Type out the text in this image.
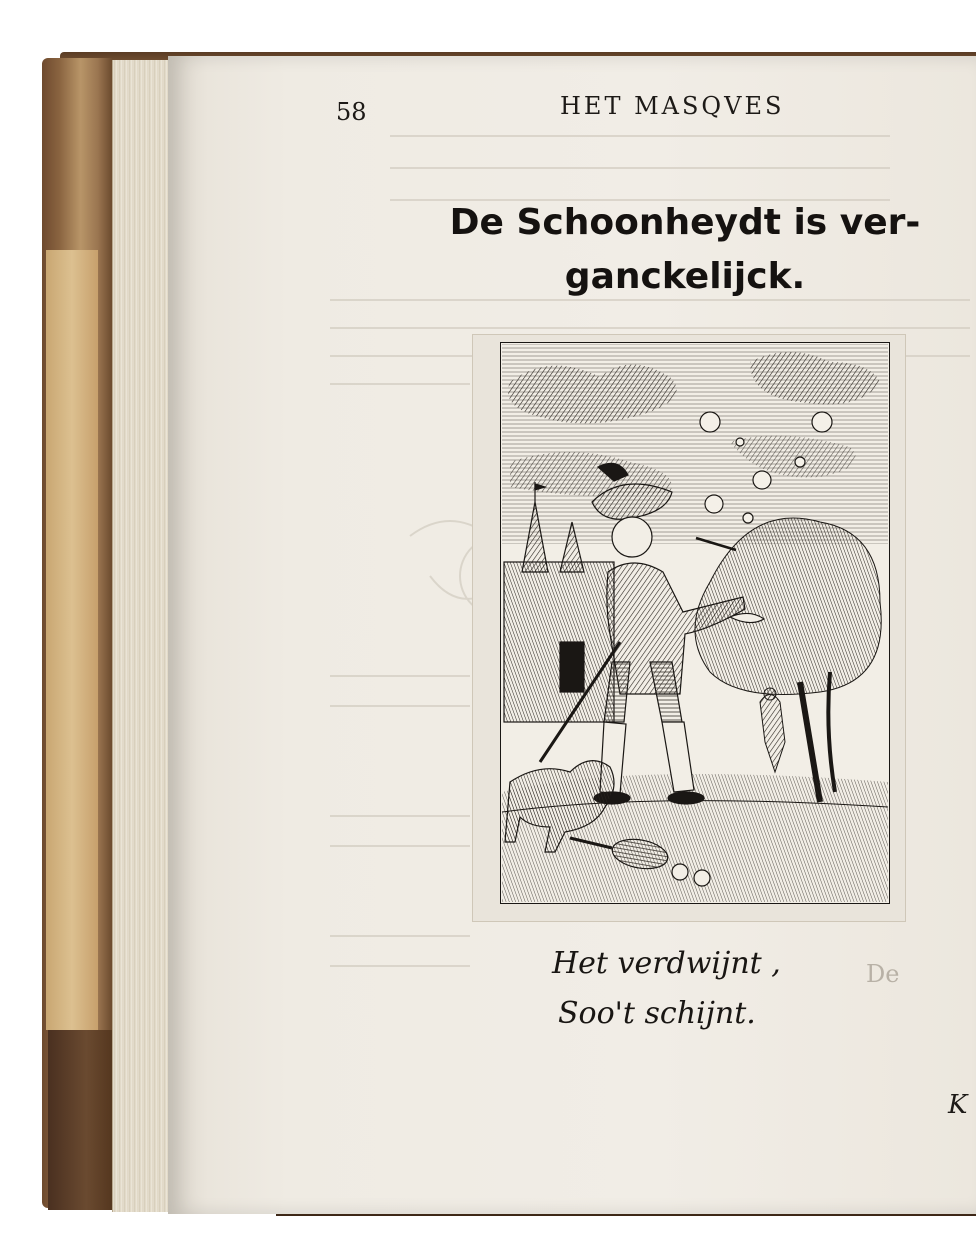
58	HET MASQVES
De Schoonheydt is ver-
ganckelijck.
Het verdwijnt ,
Soo't schijnt.
De
K
